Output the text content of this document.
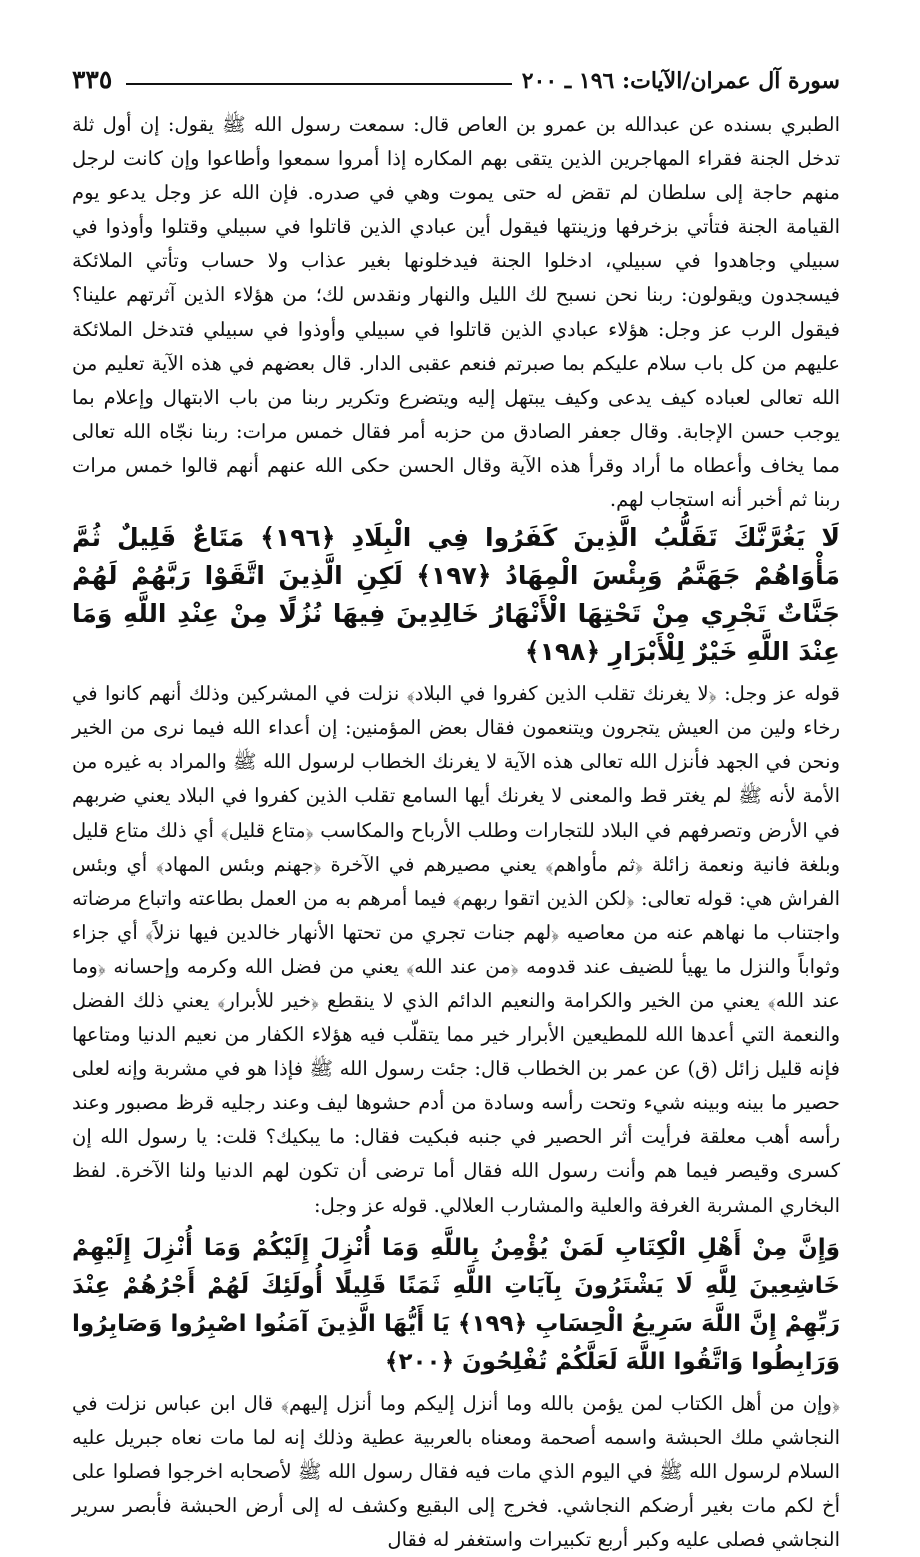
سورة آل عمران/الآيات: ١٩٦ ـ ٢٠٠
٣٣٥

الطبري بسنده عن عبدالله بن عمرو بن العاص قال: سمعت رسول الله ﷺ يقول: إن أول ثلة تدخل الجنة فقراء المهاجرين الذين يتقى بهم المكاره إذا أمروا سمعوا وأطاعوا وإن كانت لرجل منهم حاجة إلى سلطان لم تقض له حتى يموت وهي في صدره. فإن الله عز وجل يدعو يوم القيامة الجنة فتأتي بزخرفها وزينتها فيقول أين عبادي الذين قاتلوا في سبيلي وقتلوا وأوذوا في سبيلي وجاهدوا في سبيلي، ادخلوا الجنة فيدخلونها بغير عذاب ولا حساب وتأتي الملائكة فيسجدون ويقولون: ربنا نحن نسبح لك الليل والنهار ونقدس لك؛ من هؤلاء الذين آثرتهم علينا؟ فيقول الرب عز وجل: هؤلاء عبادي الذين قاتلوا في سبيلي وأوذوا في سبيلي فتدخل الملائكة عليهم من كل باب سلام عليكم بما صبرتم فنعم عقبى الدار. قال بعضهم في هذه الآية تعليم من الله تعالى لعباده كيف يدعى وكيف يبتهل إليه ويتضرع وتكرير ربنا من باب الابتهال وإعلام بما يوجب حسن الإجابة. وقال جعفر الصادق من حزبه أمر فقال خمس مرات: ربنا نجّاه الله تعالى مما يخاف وأعطاه ما أراد وقرأ هذه الآية وقال الحسن حكى الله عنهم أنهم قالوا خمس مرات ربنا ثم أخبر أنه استجاب لهم.

لَا يَغُرَّنَّكَ تَقَلُّبُ الَّذِينَ كَفَرُوا فِي الْبِلَادِ ﴿١٩٦﴾ مَتَاعٌ قَلِيلٌ ثُمَّ مَأْوَاهُمْ جَهَنَّمُ وَبِئْسَ الْمِهَادُ ﴿١٩٧﴾ لَكِنِ الَّذِينَ اتَّقَوْا رَبَّهُمْ لَهُمْ جَنَّاتٌ تَجْرِي مِنْ تَحْتِهَا الْأَنْهَارُ خَالِدِينَ فِيهَا نُزُلًا مِنْ عِنْدِ اللَّهِ وَمَا عِنْدَ اللَّهِ خَيْرٌ لِلْأَبْرَارِ ﴿١٩٨﴾

قوله عز وجل: ﴿لا يغرنك تقلب الذين كفروا في البلاد﴾ نزلت في المشركين وذلك أنهم كانوا في رخاء ولين من العيش يتجرون ويتنعمون فقال بعض المؤمنين: إن أعداء الله فيما نرى من الخير ونحن في الجهد فأنزل الله تعالى هذه الآية لا يغرنك الخطاب لرسول الله ﷺ والمراد به غيره من الأمة لأنه ﷺ لم يغتر قط والمعنى لا يغرنك أيها السامع تقلب الذين كفروا في البلاد يعني ضربهم في الأرض وتصرفهم في البلاد للتجارات وطلب الأرباح والمكاسب ﴿متاع قليل﴾ أي ذلك متاع قليل وبلغة فانية ونعمة زائلة ﴿ثم مأواهم﴾ يعني مصيرهم في الآخرة ﴿جهنم وبئس المهاد﴾ أي وبئس الفراش هي: قوله تعالى: ﴿لكن الذين اتقوا ربهم﴾ فيما أمرهم به من العمل بطاعته واتباع مرضاته واجتناب ما نهاهم عنه من معاصيه ﴿لهم جنات تجري من تحتها الأنهار خالدين فيها نزلاً﴾ أي جزاء وثواباً والنزل ما يهيأ للضيف عند قدومه ﴿من عند الله﴾ يعني من فضل الله وكرمه وإحسانه ﴿وما عند الله﴾ يعني من الخير والكرامة والنعيم الدائم الذي لا ينقطع ﴿خير للأبرار﴾ يعني ذلك الفضل والنعمة التي أعدها الله للمطيعين الأبرار خير مما يتقلّب فيه هؤلاء الكفار من نعيم الدنيا ومتاعها فإنه قليل زائل (ق) عن عمر بن الخطاب قال: جئت رسول الله ﷺ فإذا هو في مشربة وإنه لعلى حصير ما بينه وبينه شيء وتحت رأسه وسادة من أدم حشوها ليف وعند رجليه قرظ مصبور وعند رأسه أهب معلقة فرأيت أثر الحصير في جنبه فبكيت فقال: ما يبكيك؟ قلت: يا رسول الله إن كسرى وقيصر فيما هم وأنت رسول الله فقال أما ترضى أن تكون لهم الدنيا ولنا الآخرة. لفظ البخاري المشربة الغرفة والعلية والمشارب العلالي. قوله عز وجل:

وَإِنَّ مِنْ أَهْلِ الْكِتَابِ لَمَنْ يُؤْمِنُ بِاللَّهِ وَمَا أُنْزِلَ إِلَيْكُمْ وَمَا أُنْزِلَ إِلَيْهِمْ خَاشِعِينَ لِلَّهِ لَا يَشْتَرُونَ بِآيَاتِ اللَّهِ ثَمَنًا قَلِيلًا أُولَئِكَ لَهُمْ أَجْرُهُمْ عِنْدَ رَبِّهِمْ إِنَّ اللَّهَ سَرِيعُ الْحِسَابِ ﴿١٩٩﴾ يَا أَيُّهَا الَّذِينَ آمَنُوا اصْبِرُوا وَصَابِرُوا وَرَابِطُوا وَاتَّقُوا اللَّهَ لَعَلَّكُمْ تُفْلِحُونَ ﴿٢٠٠﴾

﴿وإن من أهل الكتاب لمن يؤمن بالله وما أنزل إليكم وما أنزل إليهم﴾ قال ابن عباس نزلت في النجاشي ملك الحبشة واسمه أصحمة ومعناه بالعربية عطية وذلك إنه لما مات نعاه جبريل عليه السلام لرسول الله ﷺ في اليوم الذي مات فيه فقال رسول الله ﷺ لأصحابه اخرجوا فصلوا على أخ لكم مات بغير أرضكم النجاشي. فخرج إلى البقيع وكشف له إلى أرض الحبشة فأبصر سرير النجاشي فصلى عليه وكبر أربع تكبيرات واستغفر له فقال
